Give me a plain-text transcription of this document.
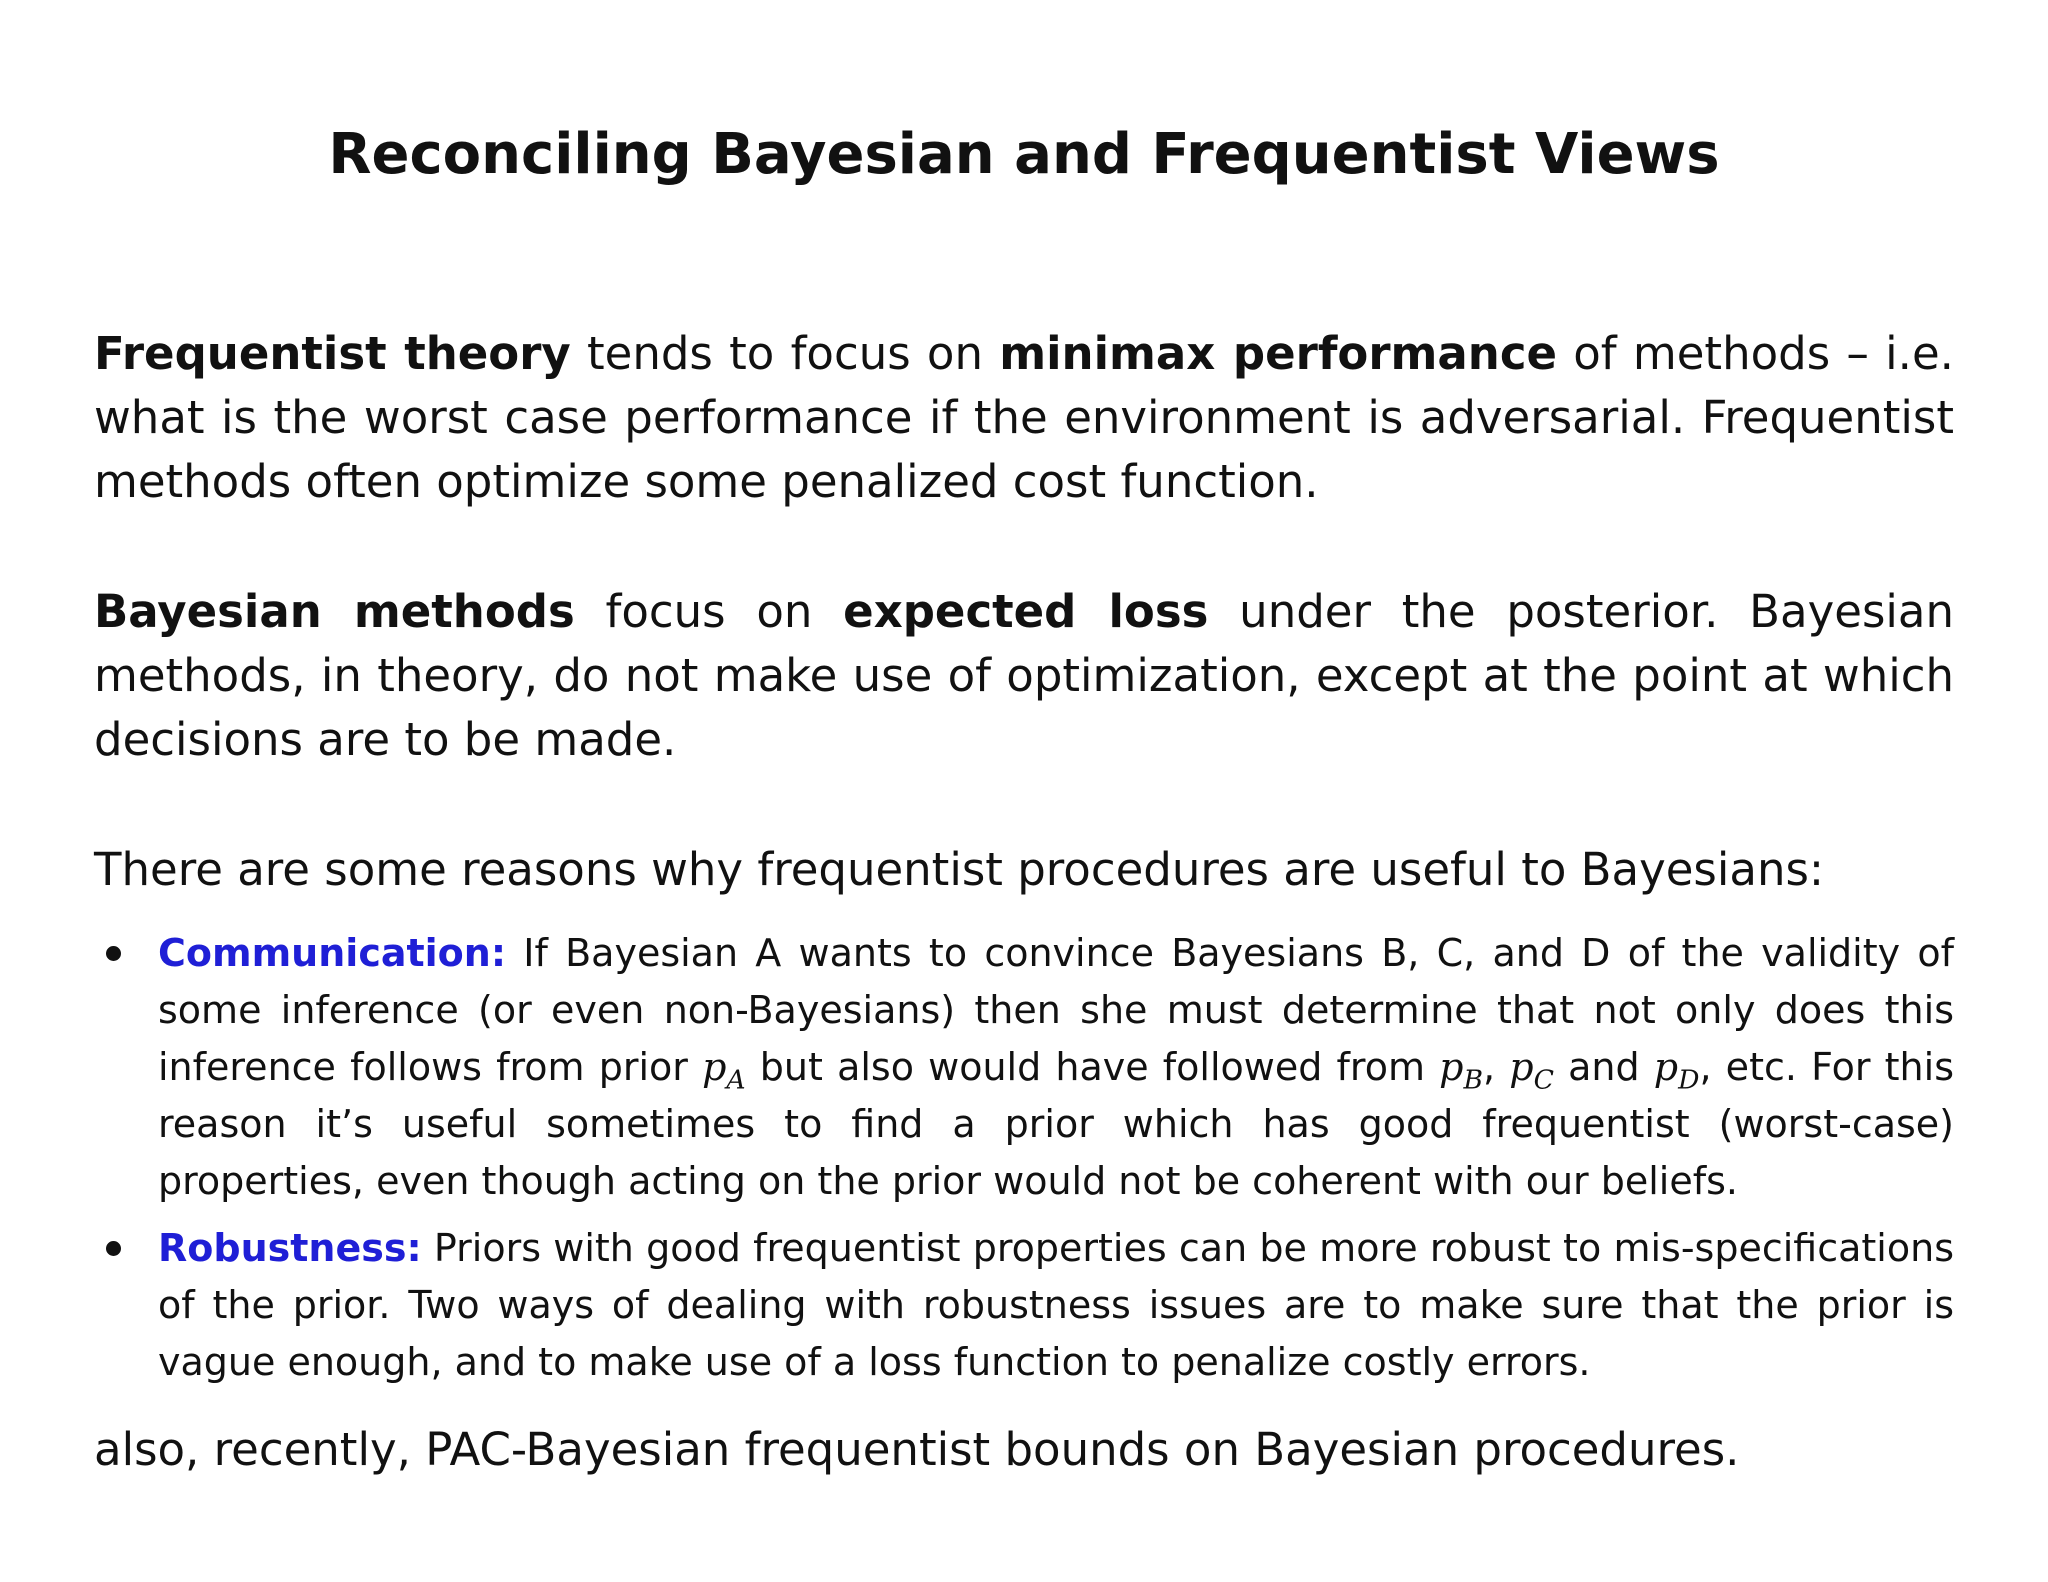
Reconciling Bayesian and Frequentist Views

Frequentist theory tends to focus on minimax performance of methods – i.e. what is the worst case performance if the environment is adversarial. Frequentist methods often optimize some penalized cost function.

Bayesian methods focus on expected loss under the posterior. Bayesian methods, in theory, do not make use of optimization, except at the point at which decisions are to be made.

There are some reasons why frequentist procedures are useful to Bayesians:

Communication: If Bayesian A wants to convince Bayesians B, C, and D of the validity of some inference (or even non-Bayesians) then she must determine that not only does this inference follows from prior $p_A$ but also would have followed from $p_B$, $p_C$ and $p_D$, etc. For this reason it’s useful sometimes to find a prior which has good frequentist (worst-case) properties, even though acting on the prior would not be coherent with our beliefs.
Robustness: Priors with good frequentist properties can be more robust to mis-specifications of the prior. Two ways of dealing with robustness issues are to make sure that the prior is vague enough, and to make use of a loss function to penalize costly errors.

also, recently, PAC-Bayesian frequentist bounds on Bayesian procedures.
